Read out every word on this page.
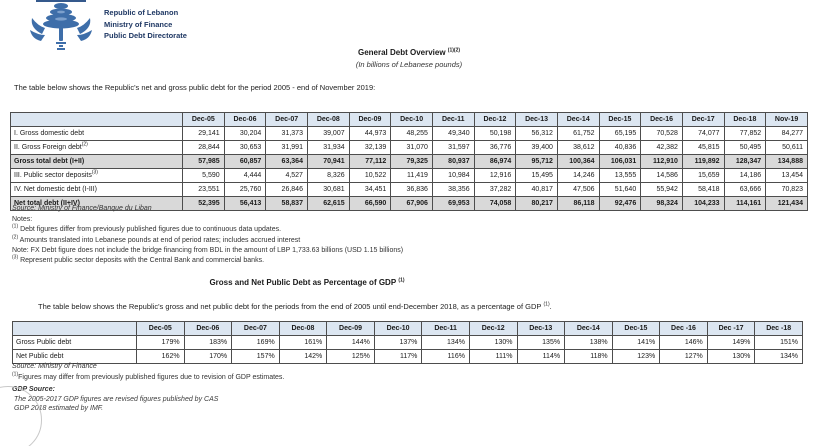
Republic of Lebanon
Ministry of Finance
Public Debt Directorate
General Debt Overview $^{(1)(2)}$
(In billions of Lebanese pounds)
The table below shows the Republic's net and gross public debt for the period 2005 - end of November 2019:
	Dec-05	Dec-06	Dec-07	Dec-08	Dec-09	Dec-10	Dec-11	Dec-12	Dec-13	Dec-14	Dec-15	Dec-16	Dec-17	Dec-18	Nov-19
I. Gross domestic debt	29,141	30,204	31,373	39,007	44,973	48,255	49,340	50,198	56,312	61,752	65,195	70,528	74,077	77,852	84,277
II. Gross Foreign debt$^{(2)}$	28,844	30,653	31,991	31,934	32,139	31,070	31,597	36,776	39,400	38,612	40,836	42,382	45,815	50,495	50,611
Gross total debt (I+II)	57,985	60,857	63,364	70,941	77,112	79,325	80,937	86,974	95,712	100,364	106,031	112,910	119,892	128,347	134,888
III. Public sector deposits$^{(3)}$	5,590	4,444	4,527	8,326	10,522	11,419	10,984	12,916	15,495	14,246	13,555	14,586	15,659	14,186	13,454
IV. Net domestic debt (I-III)	23,551	25,760	26,846	30,681	34,451	36,836	38,356	37,282	40,817	47,506	51,640	55,942	58,418	63,666	70,823
Net total debt (II+IV)	52,395	56,413	58,837	62,615	66,590	67,906	69,953	74,058	80,217	86,118	92,476	98,324	104,233	114,161	121,434
Source: Ministry of Finance/Banque du Liban
Notes:
$^{(1)}$ Debt figures differ from previously published figures due to continuous data updates.
$^{(2)}$ Amounts translated into Lebanese pounds at end of period rates; includes accrued interest
Note: FX Debt figure does not include the bridge financing from BDL in the amount of LBP 1,733.63 billions (USD 1.15 billions)
$^{(3)}$ Represent public sector deposits with the Central Bank and commercial banks.
Gross and Net Public Debt as Percentage of GDP $^{(1)}$
The table below shows the Republic's gross and net public debt for the periods from the end of 2005 until end-December 2018, as a percentage of GDP $^{(1)}$.
	Dec-05	Dec-06	Dec-07	Dec-08	Dec-09	Dec-10	Dec-11	Dec-12	Dec-13	Dec-14	Dec-15	Dec -16	Dec -17	Dec -18
Gross Public debt	179%	183%	169%	161%	144%	137%	134%	130%	135%	138%	141%	146%	149%	151%
Net Public debt	162%	170%	157%	142%	125%	117%	116%	111%	114%	118%	123%	127%	130%	134%
Source: Ministry of Finance
$^{(1)}$Figures may differ from previously published figures due to revision of GDP estimates.
GDP Source:
The 2005-2017 GDP figures are revised figures published by CAS
GDP 2018 estimated by IMF.
